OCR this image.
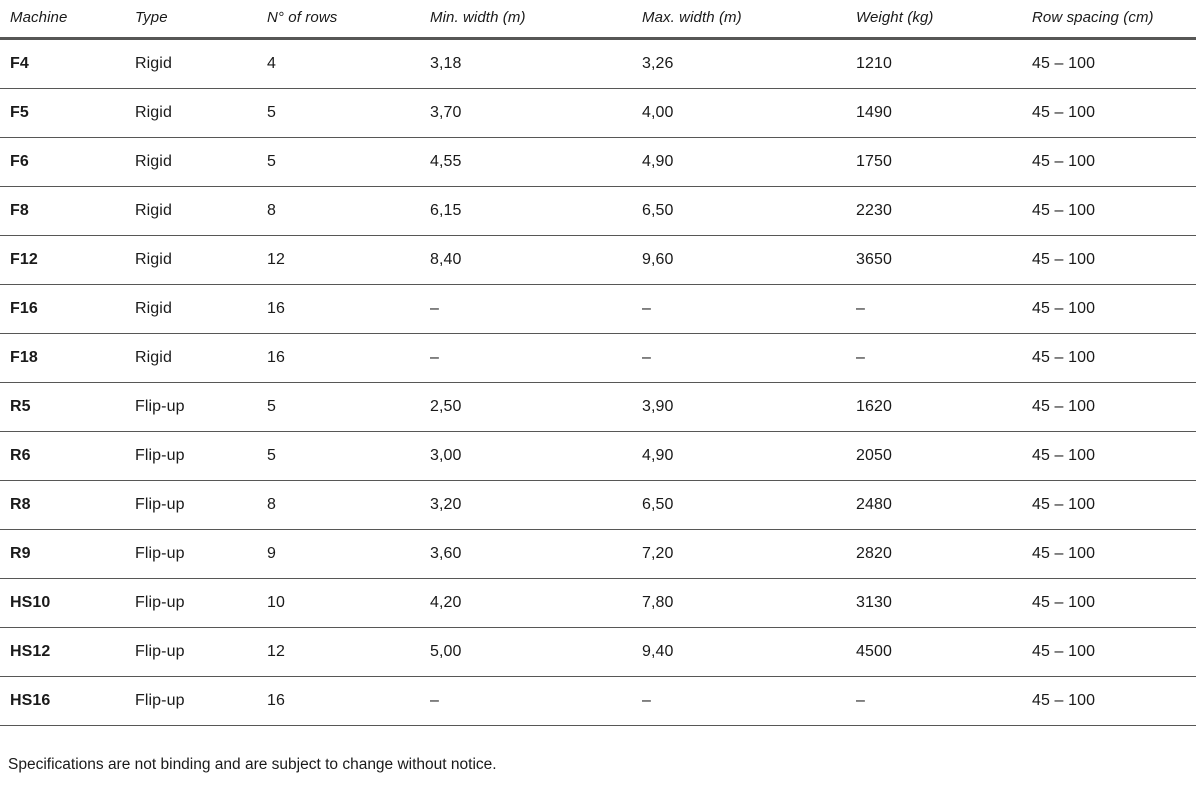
Machine	Type	N° of rows	Min. width (m)	Max. width (m)	Weight (kg)	Row spacing (cm)
F4	Rigid	4	3,18	3,26	1210	45 – 100
F5	Rigid	5	3,70	4,00	1490	45 – 100
F6	Rigid	5	4,55	4,90	1750	45 – 100
F8	Rigid	8	6,15	6,50	2230	45 – 100
F12	Rigid	12	8,40	9,60	3650	45 – 100
F16	Rigid	16	–	–	–	45 – 100
F18	Rigid	16	–	–	–	45 – 100
R5	Flip-up	5	2,50	3,90	1620	45 – 100
R6	Flip-up	5	3,00	4,90	2050	45 – 100
R8	Flip-up	8	3,20	6,50	2480	45 – 100
R9	Flip-up	9	3,60	7,20	2820	45 – 100
HS10	Flip-up	10	4,20	7,80	3130	45 – 100
HS12	Flip-up	12	5,00	9,40	4500	45 – 100
HS16	Flip-up	16	–	–	–	45 – 100
Specifications are not binding and are subject to change without notice.
